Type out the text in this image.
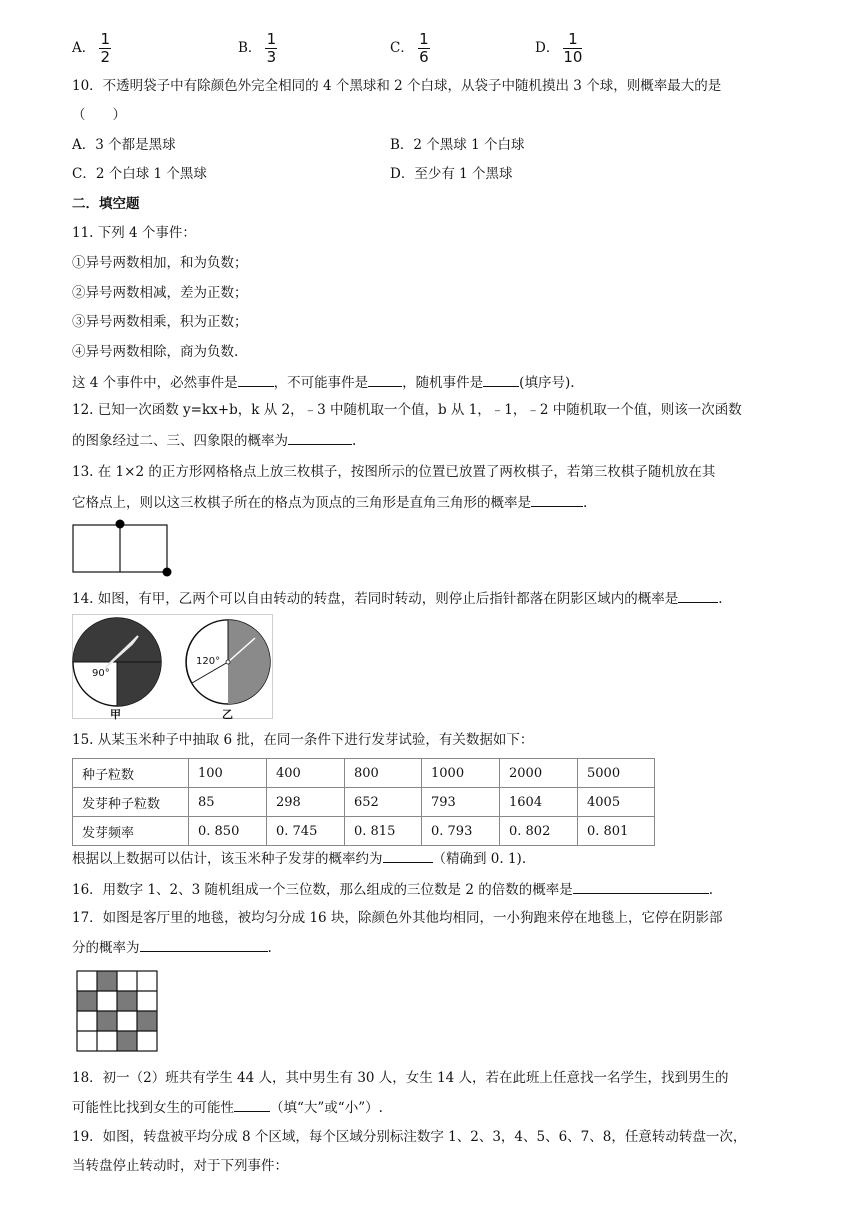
A． $\frac{1}{2}$	B． $\frac{1}{3}$	C． $\frac{1}{6}$	D． $\frac{1}{10}$
10．不透明袋子中有除颜色外完全相同的 4 个黑球和 2 个白球，从袋子中随机摸出 3 个球，则概率最大的是
（　　）
A．3 个都是黑球	B．2 个黑球 1 个白球
C．2 个白球 1 个黑球	D．至少有 1 个黑球
二．填空题
11. 下列 4 个事件：
①异号两数相加，和为负数；
②异号两数相减，差为正数；
③异号两数相乘，积为正数；
④异号两数相除，商为负数.
这 4 个事件中，必然事件是	，不可能事件是	，随机事件是	(填序号).
12. 已知一次函数 y=kx+b，k 从 2，﹣3 中随机取一个值，b 从 1，﹣1，﹣2 中随机取一个值，则该一次函数
的图象经过二、三、四象限的概率为	.
13. 在 1×2 的正方形网格格点上放三枚棋子，按图所示的位置已放置了两枚棋子，若第三枚棋子随机放在其
它格点上，则以这三枚棋子所在的格点为顶点的三角形是直角三角形的概率是	.
14. 如图，有甲，乙两个可以自由转动的转盘，若同时转动，则停止后指针都落在阴影区域内的概率是	.
90°
120°
甲	乙
15. 从某玉米种子中抽取 6 批，在同一条件下进行发芽试验，有关数据如下：
种子粒数	100	400	800	1000	2000	5000
发芽种子粒数	85	298	652	793	1604	4005
发芽频率	0. 850	0. 745	0. 815	0. 793	0. 802	0. 801
根据以上数据可以估计，该玉米种子发芽的概率约为	（精确到 0. 1).
16．用数字 1、2、3 随机组成一个三位数，那么组成的三位数是 2 的倍数的概率是	.
17．如图是客厅里的地毯，被均匀分成 16 块，除颜色外其他均相同，一小狗跑来停在地毯上，它停在阴影部
分的概率为	.
18．初一（2）班共有学生 44 人，其中男生有 30 人，女生 14 人，若在此班上任意找一名学生，找到男生的
可能性比找到女生的可能性	（填“大”或“小”）.
19．如图，转盘被平均分成 8 个区域，每个区域分别标注数字 1、2、3，4、5、6、7、8，任意转动转盘一次，
当转盘停止转动时，对于下列事件：
